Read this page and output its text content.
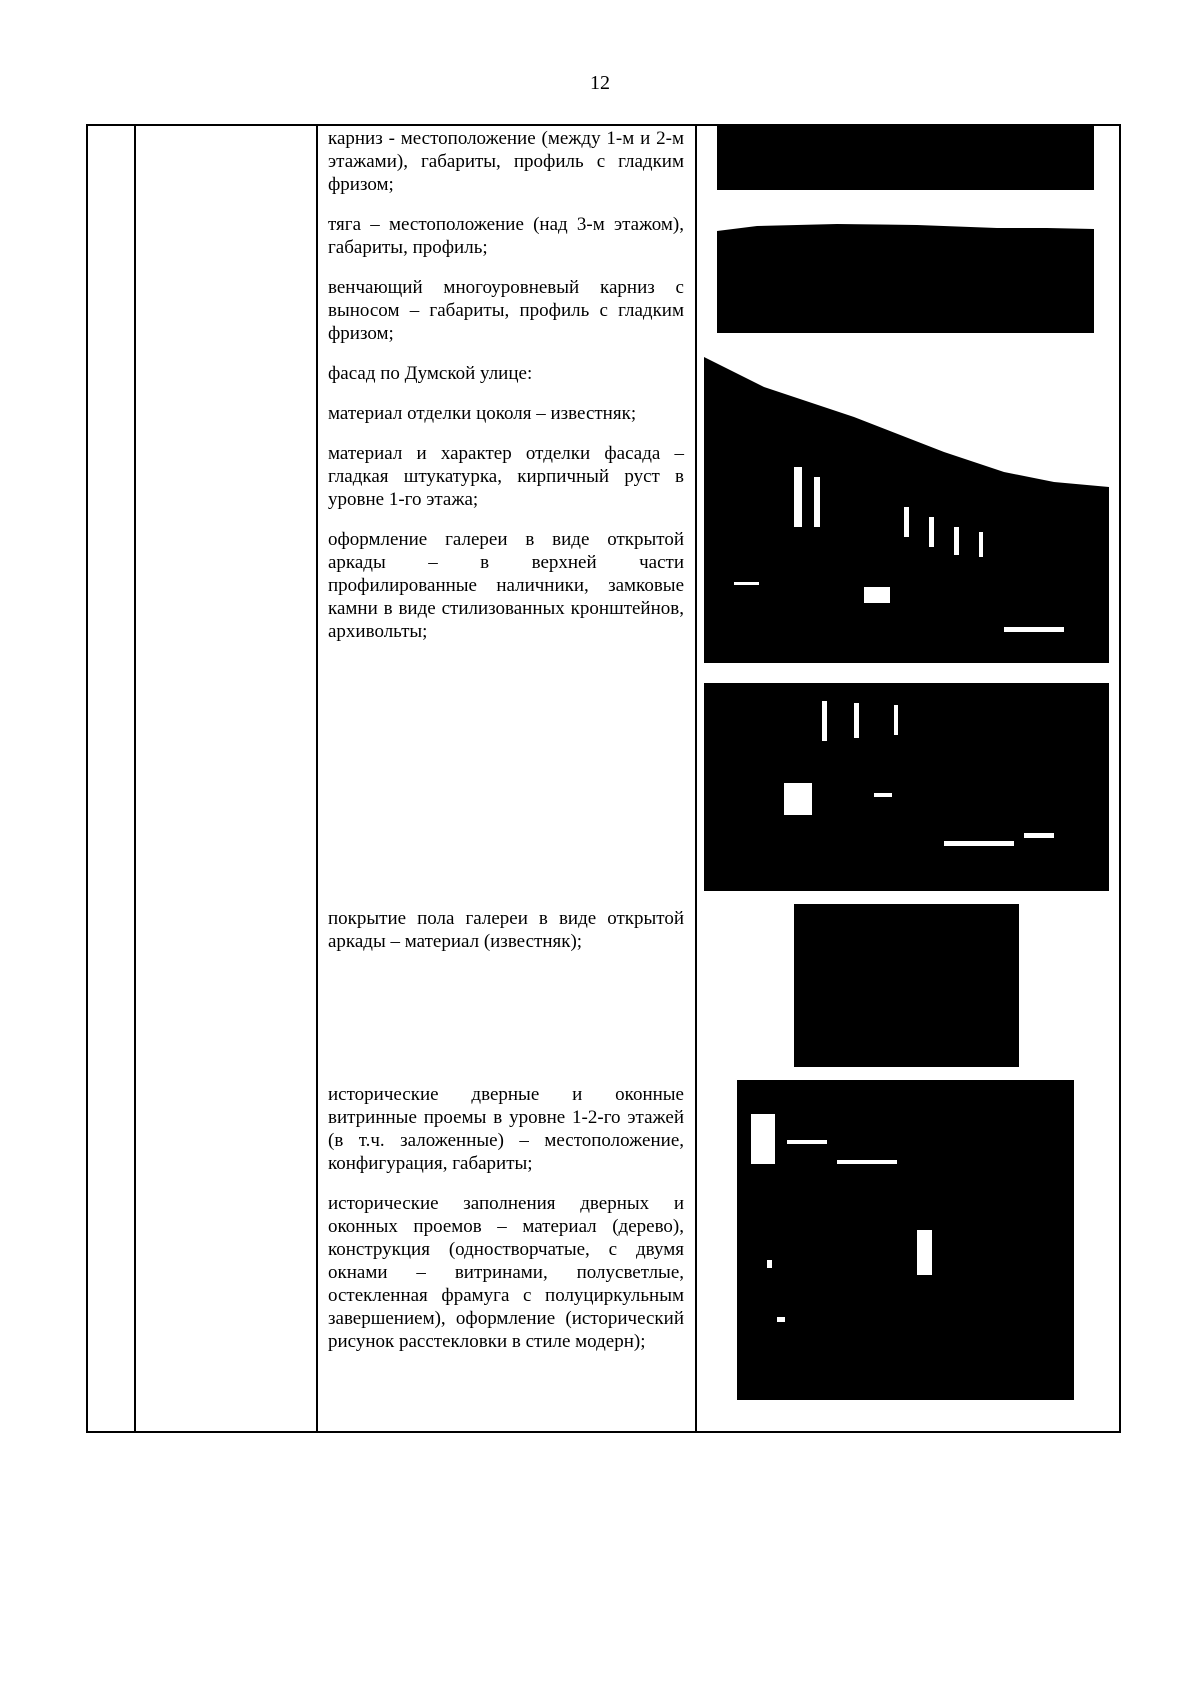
12

карниз - местоположение (между 1-м и 2-м этажами), габариты, профиль с гладким фризом;

тяга – местоположение (над 3-м этажом), габариты, профиль;

венчающий многоуровневый карниз с выносом – габариты, профиль с гладким фризом;

фасад по Думской улице:

материал отделки цоколя – известняк;

материал и характер отделки фасада – гладкая штукатурка, кирпичный руст в уровне 1-го этажа;

оформление галереи в виде открытой аркады – в верхней части профилированные наличники, замковые камни в виде стилизованных кронштейнов, архивольты;

покрытие пола галереи в виде открытой аркады – материал (известняк);

исторические дверные и оконные витринные проемы в уровне 1-2-го этажей (в т.ч. заложенные) – местоположение, конфигурация, габариты;

исторические заполнения дверных и оконных проемов – материал (дерево), конструкция (одностворчатые, с двумя окнами – витринами, полусветлые, остекленная фрамуга с полуциркульным завершением), оформление (исторический рисунок расстекловки в стиле модерн);
